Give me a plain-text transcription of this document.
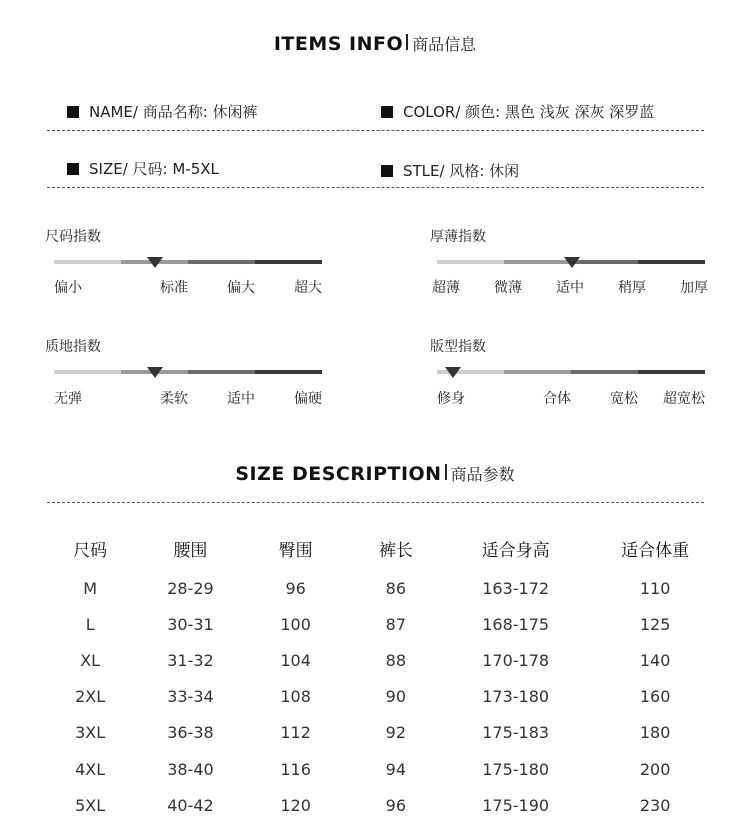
ITEMS INFO 商品信息
NAME/ 商品名称: 休闲裤	COLOR/ 颜色: 黑色 浅灰 深灰 深罗蓝
SIZE/ 尺码: M-5XL	STLE/ 风格: 休闲
尺码指数
偏小	标准	偏大	超大
厚薄指数
超薄 微薄 适中 稍厚 加厚
质地指数
无弹	柔软	适中	偏硬
版型指数
修身	合体	宽松	超宽松
SIZE DESCRIPTION 商品参数
尺码	腰围	臀围	裤长	适合身高	适合体重
M	28-29	96	86	163-172	110
L	30-31	100	87	168-175	125
XL	31-32	104	88	170-178	140
2XL	33-34	108	90	173-180	160
3XL	36-38	112	92	175-183	180
4XL	38-40	116	94	175-180	200
5XL	40-42	120	96	175-190	230
